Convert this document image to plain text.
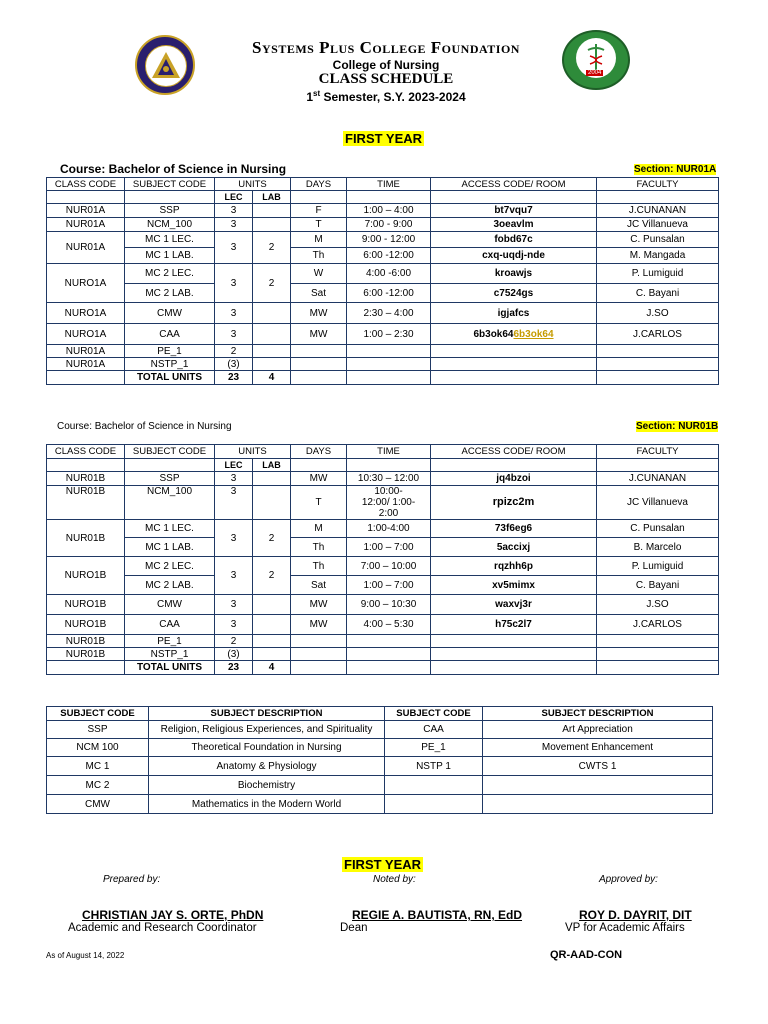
2004
Systems Plus College Foundation
College of Nursing
CLASS SCHEDULE
1st Semester, S.Y. 2023-2024
FIRST YEAR
Course: Bachelor of Science in Nursing	Section: NUR01A
CLASS CODE	SUBJECT CODE	UNITS		DAYS	TIME	ACCESS CODE/ ROOM	FACULTY
		LEC	LAB				
NUR01A	SSP	3		F	1:00 – 4:00	bt7vqu7	J.CUNANAN
NUR01A	NCM_100	3		T	7:00 - 9:00	3oeavlm	JC Villanueva
NUR01A	MC 1 LEC.	3	2	M	9:00 - 12:00	fobd67c	C. Punsalan
	MC 1 LAB.			Th	6:00 -12:00	cxq-uqdj-nde	M. Mangada
NURO1A	MC 2 LEC.	3	2	W	4:00 -6:00	kroawjs	P. Lumiguid
	MC 2 LAB.			Sat	6:00 -12:00	c7524gs	C. Bayani
NURO1A	CMW	3		MW	2:30 – 4:00	igjafcs	J.SO
NURO1A	CAA	3		MW	1:00 – 2:30	6b3ok646b3ok64	J.CARLOS
NUR01A	PE_1	2					
NUR01A	NSTP_1	(3)					
	TOTAL UNITS	23	4				
Course: Bachelor of Science in Nursing	Section: NUR01B
CLASS CODE	SUBJECT CODE	UNITS		DAYS	TIME	ACCESS CODE/ ROOM	FACULTY
		LEC	LAB				
NUR01B	SSP	3		MW	10:30 – 12:00	jq4bzoi	J.CUNANAN
NUR01B	NCM_100	3		T	10:00-12:00/ 1:00-2:00	rpizc2m	JC Villanueva
NUR01B	MC 1 LEC.	3	2	M	1:00-4:00	73f6eg6	C. Punsalan
	MC 1 LAB.			Th	1:00 – 7:00	5accixj	B. Marcelo
NURO1B	MC 2 LEC.	3	2	Th	7:00 – 10:00	rqzhh6p	P. Lumiguid
	MC 2 LAB.			Sat	1:00 – 7:00	xv5mimx	C. Bayani
NURO1B	CMW	3		MW	9:00 – 10:30	waxvj3r	J.SO
NURO1B	CAA	3		MW	4:00 – 5:30	h75c2l7	J.CARLOS
NUR01B	PE_1	2					
NUR01B	NSTP_1	(3)					
	TOTAL UNITS	23	4				
SUBJECT CODE	SUBJECT DESCRIPTION	SUBJECT CODE	SUBJECT DESCRIPTION
SSP	Religion, Religious Experiences, and Spirituality	CAA	Art Appreciation
NCM 100	Theoretical Foundation in Nursing	PE_1	Movement Enhancement
MC 1	Anatomy & Physiology	NSTP 1	CWTS 1
MC 2	Biochemistry		
CMW	Mathematics in the Modern World		
FIRST YEAR
Prepared by:	Noted by:	Approved by:
CHRISTIAN JAY S. ORTE, PhDN
Academic and Research Coordinator
REGIE A. BAUTISTA, RN, EdD
Dean
ROY D. DAYRIT, DIT
VP for Academic Affairs
As of August 14, 2022	QR-AAD-CON
